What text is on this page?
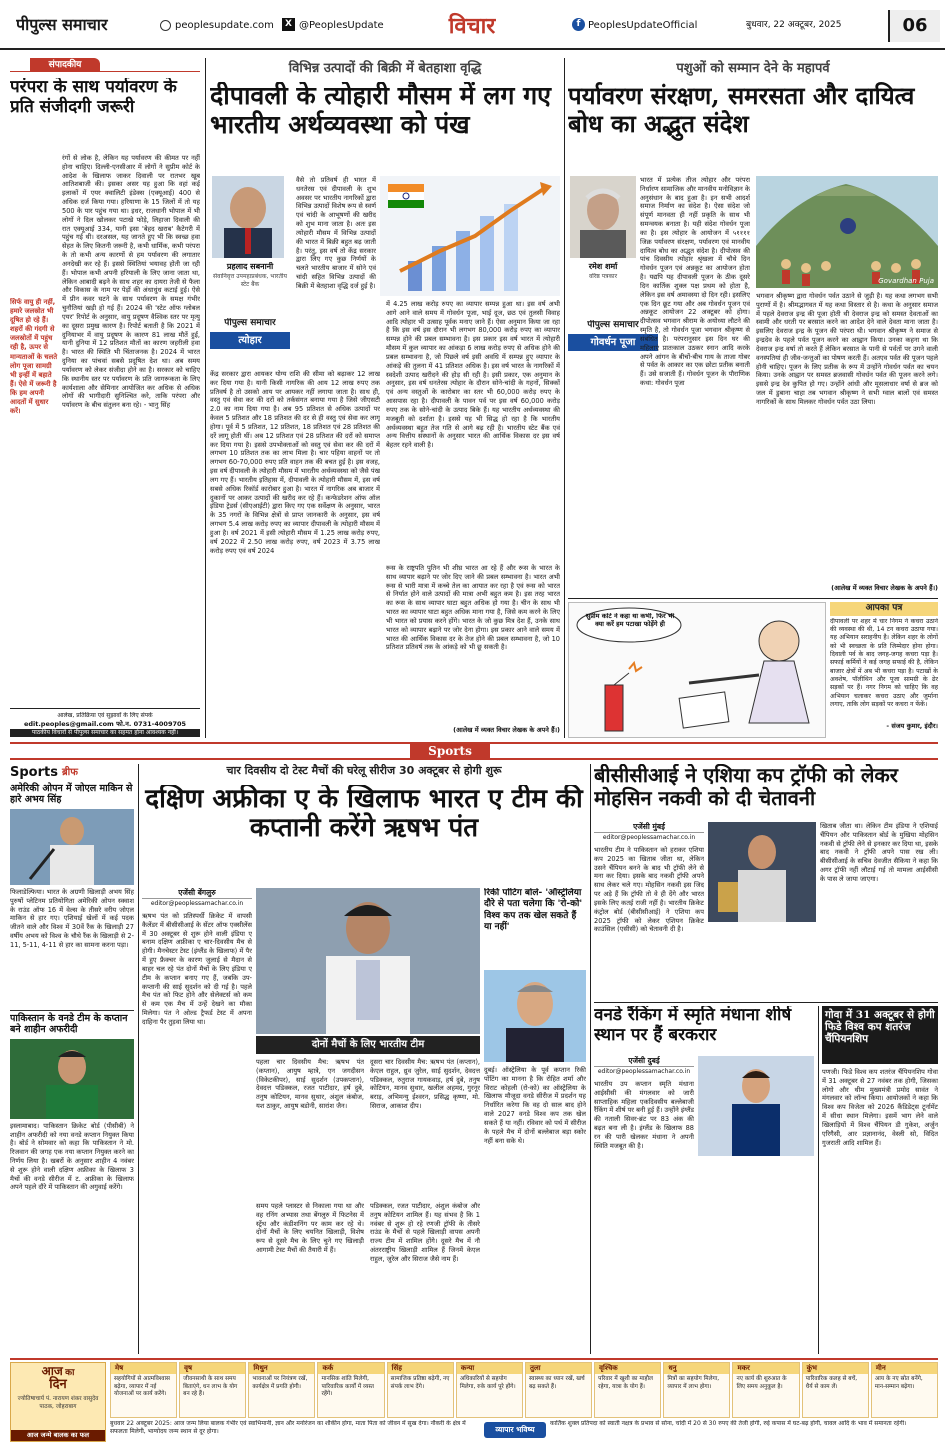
पीपुल्स समाचार	peoplesupdate.com	X @PeoplesUpdate	विचार	f PeoplesUpdateOfficial	बुधवार, 22 अक्टूबर, 2025	06
संपादकीय
परंपरा के साथ पर्यावरण के प्रति संजीदगी जरूरी
सिर्फ वायु ही नहीं, हमारे जलस्रोत भी दूषित हो रहे हैं। शहरों की गंदगी से जलस्रोतों में पहुंच रही है, ऊपर से मान्यताओं के चलते लोग पूजा सामग्री भी इन्हीं में बहाते हैं। ऐसे में जरूरी है कि हम अपनी आदतों में सुधार करें।
रंगों से लोक है, लेकिन यह पर्यावरण की कीमत पर नहीं होना चाहिए। दिल्ली-एनसीआर में लोगों ने सुप्रीम कोर्ट के आदेश के खिलाफ जाकर दिवाली पर रातभर खूब आतिशबाजी की। इसका असर यह हुआ कि वहां कई इलाकों में एयर क्वालिटी इंडेक्स (एक्यूआई) 400 से अधिक दर्ज किया गया। हरियाणा के 15 जिलों में तो यह 500 के पार पहुंच गया था। इधर, राजधानी भोपाल में भी लोगों ने दिल खोलकर पटाखे फोड़े, लिहाजा दिवाली की रात एक्यूआई 334, यानी इसा 'बेहद खराब' कैटेगरी में पहुंच गई थी। दरअसल, यह जानते हुए भी कि स्वच्छ हवा सेहत के लिए कितनी जरूरी है, कभी धार्मिक, कभी परंपरा के तो कभी अन्य कारणों से हम पर्यावरण की लगातार अनदेखी कर रहे हैं। इससे स्थितियां भयावह होती जा रही हैं। भोपाल कभी अपनी हरियाली के लिए जाना जाता था, लेकिन आबादी बढ़ने के साथ शहर का दायरा तेजी से फैला और विकास के नाम पर पेड़ों की अंधाधुंध कटाई हुई। ऐसे में प्रीन कवर घटने के साथ पर्यावरण के समक्ष गंभीर चुनौतियां खड़ी हो गई हैं। 2024 की 'स्टेट ऑफ ग्लोबल एयर' रिपोर्ट के अनुसार, वायु प्रदूषण वैश्विक स्तर पर मृत्यु का दूसरा प्रमुख कारण है। रिपोर्ट बताती है कि 2021 में दुनियाभर में वायु प्रदूषण के कारण 81 लाख मौतें हुईं, यानी दुनिया में 12 प्रतिशत मौतों का कारण जहरीली हवा है। भारत की स्थिति भी चिंताजनक है। 2024 में भारत दुनिया का पांचवां सबसे प्रदूषित देश था। अब समय पर्यावरण को लेकर संजीदा होने का है। सरकार को चाहिए कि स्थानीय स्तर पर पर्यावरण के प्रति जागरूकता के लिए कार्यशाला और सेमिनार आयोजित कर अधिक से अधिक लोगों की भागीदारी सुनिश्चित करे, ताकि परंपरा और पर्यावरण के बीच संतुलन बना रहे। - भानु सिंह
आलेख, प्रतिक्रिया एवं सुझावों के लिए संपर्क
edit.peoples@gmail.com फो.न. 0731-4009705
पाठकीय विचारों से पीपुल्स समाचार का सहमत होना आवश्यक नहीं।
विभिन्न उत्पादों की बिक्री में बेतहाशा वृद्धि
दीपावली के त्योहारी मौसम में लग गए भारतीय अर्थव्यवस्था को पंख
प्रहलाद सबनानी
सेवानिवृत्त उपमहाप्रबंधक, भारतीय स्टेट बैंक
पीपुल्स समाचार
त्योहार
वैसे तो प्रतिवर्ष ही भारत में धनतेरस एवं दीपावली के शुभ अवसर पर भारतीय नागरिकों द्वारा विभिन्न उत्पादों विशेष रूप से स्वर्ण एवं चांदी के आभूषणों की खरीद को शुभ माना जाता है। अतः इस त्योहारी मौसम में विभिन्न उत्पादों की भारत में बिक्री बहुत बढ़ जाती है। परंतु, इस वर्ष तो केंद्र सरकार द्वारा लिए गए कुछ निर्णयों के चलते भारतीय बाजार में सोने एवं चांदी सहित विभिन्न उत्पादों की बिक्री में बेतहाशा वृद्धि दर्ज हुई है।
केंद्र सरकार द्वारा आयकर योग्य राशि की सीमा को बढ़ाकर 12 लाख कर दिया गया है। यानी किसी नागरिक की आय 12 लाख रुपए तक प्रतिवर्ष है तो उसको आय पर आयकर नहीं लगाया जाता है। साथ ही, वस्तु एवं सेवा कर की दरों को तर्कसंगत बनाया गया है जिसे जीएसटी 2.0 का नाम दिया गया है। अब 95 प्रतिशत से अधिक उत्पादों पर केवल 5 प्रतिशत और 18 प्रतिशत की दर से ही वस्तु एवं सेवा कर लागू होगा। पूर्व में 5 प्रतिशत, 12 प्रतिशत, 18 प्रतिशत एवं 28 प्रतिशत की दरें लागू होती थीं। अब 12 प्रतिशत एवं 28 प्रतिशत की दरों को समाप्त कर दिया गया है। इससे उपभोक्ताओं को वस्तु एवं सेवा कर की दरों में लगभग 10 प्रतिशत तक का लाभ मिला है। चार पहिया वाहनों पर तो लगभग 60-70,000 रुपए प्रति वाहन तक की बचत हुई है। इस वजह, इस वर्ष दीपावली के त्योहारी मौसम में भारतीय अर्थव्यवस्था को जैसे पंख लग गए हैं। भारतीय इतिहास में, दीपावली के त्योहारी मौसम में, इस वर्ष सबसे अधिक रिकॉर्ड कारोबार हुआ है। भारत में नागरिक अब बाजार में दुकानों पर आकर उत्पादों की खरीद कर रहे हैं। कन्फेडरेशन ऑफ ऑल इंडिया ट्रेडर्स (सीएआईटी) द्वारा किए गए एक सर्वेक्षण के अनुसार, भारत के 35 नगरों के विभिन्न क्षेत्रों से प्राप्त जानकारी के अनुसार, इस वर्ष लगभग 5.4 लाख करोड़ रुपए का व्यापार दीपावली के त्योहारी मौसम में हुआ है। वर्ष 2021 में इसी त्योहारी मौसम में 1.25 लाख करोड़ रुपए, वर्ष 2022 में 2.50 लाख करोड़ रुपए, वर्ष 2023 में 3.75 लाख करोड़ रुपए एवं वर्ष 2024
में 4.25 लाख करोड़ रुपए का व्यापार सम्पन्न हुआ था। इस वर्ष अभी आगे आने वाले समय में गोवर्धन पूजा, भाई दूज, छठ एवं तुलसी विवाह आदि त्योहार भी उत्साह पूर्वक मनाए जाने हैं। ऐसा अनुमान किया जा रहा है कि इस वर्ष इस दौरान भी लगभग 80,000 करोड़ रुपए का व्यापार सम्पन्न होने की प्रबल सम्भावना है। इस प्रकार इस वर्ष भारत में त्योहारी मौसम में कुल व्यापार का आंकड़ा 6 लाख करोड़ रुपए से अधिक होने की प्रबल सम्भावना है, जो पिछले वर्ष इसी अवधि में सम्पन्न हुए व्यापार के आंकड़े की तुलना में 41 प्रतिशत अधिक है। इस वर्ष भारत के नागरिकों में स्वदेशी उत्पाद खरीदने की होड़ सी रही है। इसी प्रकार, एक अनुमान के अनुसार, इस वर्ष धनतेरस त्योहार के दौरान सोने-चांदी के गहनों, सिक्कों एवं अन्य वस्तुओं के कारोबार का स्तर भी 60,000 करोड़ रुपए के आसपास रहा है। दीपावली के पावन पर्व पर इस वर्ष 60,000 करोड़ रुपए तक के सोने-चांदी के उत्पाद बिके हैं। यह भारतीय अर्थव्यवस्था की मजबूती को दर्शाता है। इससे यह भी सिद्ध हो रहा है कि भारतीय अर्थव्यवस्था बहुत तेज गति से आगे बढ़ रही है। भारतीय स्टेट बैंक एवं अन्य वित्तीय संस्थानों के अनुसार भारत की आर्थिक विकास दर इस वर्ष बेहतर रहने वाली है।
रूस के राष्ट्रपति पुतिन भी शीघ्र भारत आ रहे हैं और रूस के भारत के साथ व्यापार बढ़ाने पर जोर दिए जाने की प्रबल सम्भावना है। भारत अभी रूस से भारी मात्रा में कच्चे तेल का आयात कर रहा है एवं रूस को भारत से निर्यात होने वाले उत्पादों की मात्रा अभी बहुत कम है। इस तरह भारत का रूस के साथ व्यापार घाटा बहुत अधिक हो गया है। चीन के साथ भी भारत का व्यापार घाटा बहुत अधिक माना गया है, जिसे कम करने के लिए भी भारत को प्रयास करने होंगे। भारत के जो कुछ मित्र देश हैं, उनके साथ भारत को व्यापार बढ़ाने पर जोर देना होगा। इस प्रकार आने वाले समय में भारत की आर्थिक विकास दर के तेज होने की प्रबल सम्भावना है, जो 10 प्रतिशत प्रतिवर्ष तक के आंकड़े को भी छू सकती है।
(आलेख में व्यक्त विचार लेखक के अपने हैं।)
पशुओं को सम्मान देने के महापर्व
पर्यावरण संरक्षण, समरसता और दायित्व बोध का अद्भुत संदेश
रमेश शर्मा
वरिष्ठ पत्रकार
पीपुल्स समाचार
गोवर्धन पूजा
भारत में प्रत्येक तीज त्योहार और परंपरा निर्धारण सामाजिक और मानवीय मनोविज्ञान के अनुसंधान के बाद हुआ है। इन सभी आदर्श समाज निर्माण का संदेश है। ऐसा संदेश जो संपूर्ण मानवता ही नहीं प्रकृति के साथ भी समन्वयक बनाता है। यही संदेश गोवर्धन पूजा का है। इस त्योहार के आयोजन में ५११११ जिक्र पर्यावरण संरक्षण, पर्यावरण एवं मानवीय दायित्व बोध का अद्भुत संदेश है। दीपोत्सव की पांच दिवसीय त्योहार श्रृंखला में चौथे दिन गोवर्धन पूजन एवं अन्नकूट का आयोजन होता है। यद्यपि यह दीपावली पूजन के ठीक दूसरे दिन कार्तिक शुक्ल पक्ष प्रथम को होता है, लेकिन इस वर्ष अमावस्या दो दिन रही। इसलिए एक दिन छूट गया और अब गोवर्धन पूजन एवं अन्नकूट आयोजन 22 अक्टूबर को होगा। दीपोत्सव भगवान श्रीराम के अयोध्या लौटने की स्मृति है, तो गोवर्धन पूजा भगवान श्रीकृष्ण से संबंधित है। परंपरानुसार इस दिन घर की महिलाएं प्रातःकाल उठकर स्नान आदि करके अपने आंगन के बीचों-बीच गाय के ताजा गोबर से पर्वत के आकार का एक छोटा प्रतीक बनाती हैं। उसे सजाती हैं। गोवर्धन पूजन के पौराणिक कथा: गोवर्धन पूजा
Govardhan Puja
भगवान श्रीकृष्ण द्वारा गोवर्धन पर्वत उठाने से जुड़ी है। यह कथा लगभग सभी पुराणों में है। श्रीमद्भागवत में यह कथा विस्तार से है। कथा के अनुसार समाज में पहले देवराज इन्द्र की पूजा होती थी देवराज इन्द्र को समस्त देवताओं का स्वामी और धरती पर बरसात करने का आदेश देने वाले देवता माना जाता है। इसलिए देवराज इन्द्र के पूजन की परंपरा थी। भगवान श्रीकृष्ण ने समाज से इन्द्रदेव के पहले पर्वत पूजन करने का आह्वान किया। उनका कहना था कि देवराज इन्द्र वर्षा तो करते हैं लेकिन बरसात के पानी से पर्वतों पर उगने वाली वनस्पतियां ही जीव-जन्तुओं का पोषण करती हैं। अतएव पर्वत की पूजन पहले होनी चाहिए। पूजन के लिए प्रतीक के रूप में उन्होंने गोवर्धन पर्वत का चयन किया। उनके आह्वान पर समस्त ब्रजवासी गोवर्धन पर्वत की पूजन करने लगे। इससे इन्द्र देव कुपित हो गए। उन्होंने आंधी और मूसलाधार वर्षा से ब्रज को जल में डुबाना चाहा तब भगवान श्रीकृष्ण ने सभी ग्वाल बालों एवं समस्त नागरिकों के साथ मिलकर गोवर्धन पर्वत उठा लिया।
(आलेख में व्यक्त विचार लेखक के अपने हैं।)
सुप्रीम कोर्ट ने कहा था कभी, फिर भी क्या करें हम पटाखा फोड़ेंगे ही
आपका पत्र
दीपावली पर शहर में चार निगम ने कचरा उठाने की व्यवस्था की थी, 14 टन कचरा उठाया गया। यह अभियान सराहनीय है। लेकिन शहर के लोगों को भी स्वच्छता के प्रति जिम्मेदार होना होगा। दिवाली पर्व के बाद जगह-जगह कचरा पड़ा है। सफाई कर्मियों ने कई जगह सफाई की है, लेकिन बाजार क्षेत्रों में अब भी कचरा पड़ा है। पटाखों के अवशेष, पॉलीथिन और पूजा सामग्री के ढेर सड़कों पर हैं। नगर निगम को चाहिए कि वह अभियान चलाकर कचरा उठाए और जुर्माना लगाए, ताकि लोग सड़कों पर कचरा न फेंकें।
- संजय कुमार, इंदौर।
Sports
Sports ब्रीफ
अमेरिकी ओपन में जोएल माकिन से हारे अभय सिंह
फिलाडेल्फिया। भारत के अग्रणी खिलाड़ी अभय सिंह पुरुषों प्लेटिनम प्रतियोगिता अमेरिकी ओपन स्क्वाश के राउंड ऑफ 16 में वेल्स के तीसरे वरीय जोएल माकिन से हार गए। एशियाई खेलों में कई पदक जीतने वाले और विश्व में 30वें रैंक के खिलाड़ी 27 वर्षीय अभय को विश्व के चौथे रैंक के खिलाड़ी से 2-11, 5-11, 4-11 से हार का सामना करना पड़ा।
पाकिस्तान के वनडे टीम के कप्तान बने शाहीन अफरीदी
इस्लामाबाद। पाकिस्तान क्रिकेट बोर्ड (पीसीबी) ने शाहीन अफरीदी को नया वनडे कप्तान नियुक्त किया है। बोर्ड ने सोमवार को कहा कि पाकिस्तान ने मो. रिजवान की जगह एक नया कप्तान नियुक्त करने का निर्णय लिया है। खबरों के अनुसार शाहीन 4 नवंबर से शुरू होने वाली दक्षिण अफ्रीका के खिलाफ 3 मैचों की वनडे सीरीज में ट. अफ्रीका के खिलाफ अपने पहले दौरे में पाकिस्तान की अगुवाई करेंगे।
चार दिवसीय दो टेस्ट मैचों की घरेलू सीरीज 30 अक्टूबर से होगी शुरू
दक्षिण अफ्रीका ए के खिलाफ भारत ए टीम की कप्तानी करेंगे ऋषभ पंत
एजेंसी बेंगलुरु
editor@peoplessamachar.co.in
ऋषभ पंत को प्रतिस्पर्धी क्रिकेट में वापसी कैलेंडर में बीसीसीआई के सेंटर ऑफ एक्सीलेंस में 30 अक्टूबर से शुरू होने वाली इंडिया ए बनाम दक्षिण अफ्रीका ए चार-दिवसीय मैच से होगी। मैनचेस्टर टेस्ट (इंग्लैंड के खिलाफ) में पैर में हुए फ्रैक्चर के कारण जुलाई से मैदान से बाहर चल रहे पंत दोनों मैचों के लिए इंडिया ए टीम के कप्तान बनाए गए हैं, जबकि उप-कप्तानी की साई सुदर्शन को दी गई है। पहले मैच पंत को फिट होने और सेलेक्टर्स को कम से कम एक मैच में उन्हें देखने का मौका मिलेगा। पंत ने ओल्ड ट्रैफर्ड टेस्ट में अपना दाहिना पैर तुड़वा लिया था।
दोनों मैचों के लिए भारतीय टीम
पहला चार दिवसीय मैच: ऋषभ पंत (कप्तान), आयुष म्हात्रे, एन जगदीसन (विकेटकीपर), साई सुदर्शन (उपकप्तान), देवदत्त पडिक्कल, रजत पाटीदार, हर्ष दुबे, तनुष कोटियन, मानव सुथार, अंशुल कंबोज, यश ठाकुर, आयुष बडोनी, सारांश जैन।
दूसरा चार दिवसीय मैच: ऋषभ पंत (कप्तान), केएल राहुल, ध्रुव जुरेल, साई सुदर्शन, देवदत्त पडिक्कल, रुतुराज गायकवाड़, हर्ष दुबे, तनुष कोटियन, मानव सुथार, खलील अहमद, गुरनूर बराड़, अभिमन्यु ईश्वरन, प्रसिद्ध कृष्णा, मो. सिराज, आकाश दीप।
समय पहले प्लास्टर से निकाला गया था और वह रनिंग अभ्यास तथा बेंगलुरु में फिटनेस में स्ट्रेंथ और कंडीशनिंग पर काम कर रहे थे। दोनों मैचों के लिए चयनित खिलाड़ी, विशेष रूप से दूसरे मैच के लिए चुने गए खिलाड़ी आगामी टेस्ट मैचों की तैयारी में हैं।
पडिक्कल, रजत पाटीदार, अंशुल कंबोज और तनुष कोटियन शामिल हैं। यह संभव है कि 1 नवंबर से शुरू हो रहे रणजी ट्रॉफी के तीसरे राउंड के मैचों से पहले खिलाड़ी वापस अपनी राज्य टीम में शामिल होंगे। दूसरे मैच में नौ अंतरराष्ट्रीय खिलाड़ी शामिल हैं जिनमें केएल राहुल, जुरेल और सिराज जैसे नाम हैं।
रिकी पोंटिंग बोले- 'ऑस्ट्रेलिया दौरे से पता चलेगा कि 'रो-को' विश्व कप तक खेल सकते हैं या नहीं'
दुबई। ऑस्ट्रेलिया के पूर्व कप्तान रिकी पोंटिंग का मानना है कि रोहित शर्मा और विराट कोहली (रो-को) का ऑस्ट्रेलिया के खिलाफ मौजूदा वनडे सीरीज में प्रदर्शन यह निर्धारित करेगा कि वह दो साल बाद होने वाले 2027 वनडे विश्व कप तक खेल सकते हैं या नहीं। रविवार को पर्थ में सीरीज के पहले मैच में दोनों बल्लेबाज बड़ा स्कोर नहीं बना सके थे।
बीसीसीआई ने एशिया कप ट्रॉफी को लेकर मोहसिन नकवी को दी चेतावनी
एजेंसी मुंबई
editor@peoplessamachar.co.in
भारतीय टीम ने पाकिस्तान को हराकर एशिया कप 2025 का खिताब जीता था, लेकिन उसने चैंपियन बनने के बाद भी ट्रॉफी लेने से मना कर दिया। इसके बाद नकवी ट्रॉफी अपने साथ लेकर चले गए। मोहसिन नकवी इस जिद पर अड़े हैं कि ट्रॉफी तो वे ही देंगे और भारत इसके लिए कतई राजी नहीं है। भारतीय क्रिकेट कंट्रोल बोर्ड (बीसीसीआई) ने एशिया कप 2025 ट्रॉफी को लेकर एशियन क्रिकेट काउंसिल (एसीसी) को चेतावनी दी है।
खिताब जीता था। लेकिन टीम इंडिया ने एशियाई चैंपियन और पाकिस्तान बोर्ड के मुखिया मोहसिन नकवी से ट्रॉफी लेने से इनकार कर दिया था, इसके बाद नकवी ने ट्रॉफी अपने पास रख ली। बीसीसीआई के सचिव देवजीत सैकिया ने कहा कि अगर ट्रॉफी नहीं लौटाई गई तो मामला आईसीसी के पास ले जाया जाएगा।
वनडे रैंकिंग में स्मृति मंधाना शीर्ष स्थान पर हैं बरकरार
एजेंसी दुबई
editor@peoplessamachar.co.in
भारतीय उप कप्तान स्मृति मंधाना आईसीसी की मंगलवार को जारी साप्ताहिक महिला एकदिवसीय बल्लेबाजी रैंकिंग में शीर्ष पर बनी हुई हैं। उन्होंने इंग्लैंड की नताली सिवर-ब्रंट पर 83 अंक की बढ़त बना ली है। इंग्लैंड के खिलाफ 88 रन की पारी खेलकर मंधाना ने अपनी स्थिति मजबूत की है।
गोवा में 31 अक्टूबर से होगी फिडे विश्व कप शतरंज चैंपियनशिप
पणजी। फिडे विश्व कप शतरंज चैंपियनशिप गोवा में 31 अक्टूबर से 27 नवंबर तक होगी, जिसका लोगो और थीम मुख्यमंत्री प्रमोद सावंत ने मंगलवार को लॉन्च किया। आयोजकों ने कहा कि विश्व कप विजेता को 2026 कैंडिडेट्स टूर्नामेंट में सीधा स्थान मिलेगा। इसमें भाग लेने वाले खिलाड़ियों में विश्व चैंपियन डी गुकेश, अर्जुन एरिगैसी, आर प्रज्ञानानंद, वेस्ली सो, विदित गुजराती आदि शामिल हैं।
आज का
दिन
ज्योतिषाचार्य पं. नारायण शंकर वासुदेव पाठक, जोहराबाग
आज जन्मे बालक का फल
मेष
सहयोगियों से आत्मविश्वास बढ़ेगा, व्यापार में नई योजनाओं पर कार्य करेंगे।
वृष
जीवनसाथी के साथ समय बिताएंगे, धन लाभ के योग बन रहे हैं।
मिथुन
भावनाओं पर नियंत्रण रखें, कार्यक्षेत्र में प्रगति होगी।
कर्क
मानसिक शांति मिलेगी, पारिवारिक कार्यों में व्यस्त रहेंगे।
सिंह
सामाजिक प्रतिष्ठा बढ़ेगी, नए संपर्क लाभ देंगे।
कन्या
अधिकारियों से सहयोग मिलेगा, रुके कार्य पूरे होंगे।
तुला
स्वास्थ्य का ध्यान रखें, खर्च बढ़ सकते हैं।
वृश्चिक
परिवार में खुशी का माहौल रहेगा, यात्रा के योग हैं।
धनु
मित्रों का सहयोग मिलेगा, व्यापार में लाभ होगा।
मकर
नए कार्य की शुरुआत के लिए समय अनुकूल है।
कुंभ
पारिवारिक कलह से बचें, धैर्य से काम लें।
मीन
आय के नए स्रोत बनेंगे, मान-सम्मान बढ़ेगा।
बुधवार 22 अक्टूबर 2025: आज जन्म लिया बालक गंभीर एवं स्वाभिमानी, ज्ञान और मनोरंजन का शौकीन होगा, माता पिता को जीवन में सुख देगा। नौकरी के क्षेत्र में सफलता मिलेगी, भाग्योदय जन्म स्थान से दूर होगा।	व्यापार भविष्य
कार्तिक शुक्ल प्रतिपदा को स्वाती नक्षत्र के प्रभाव से सोना, चांदी में 20 से 30 रुपए की तेजी होगी, रुई कपास में घट-बढ़ होगी, चावल आदि के भाव में समानता रहेगी।
